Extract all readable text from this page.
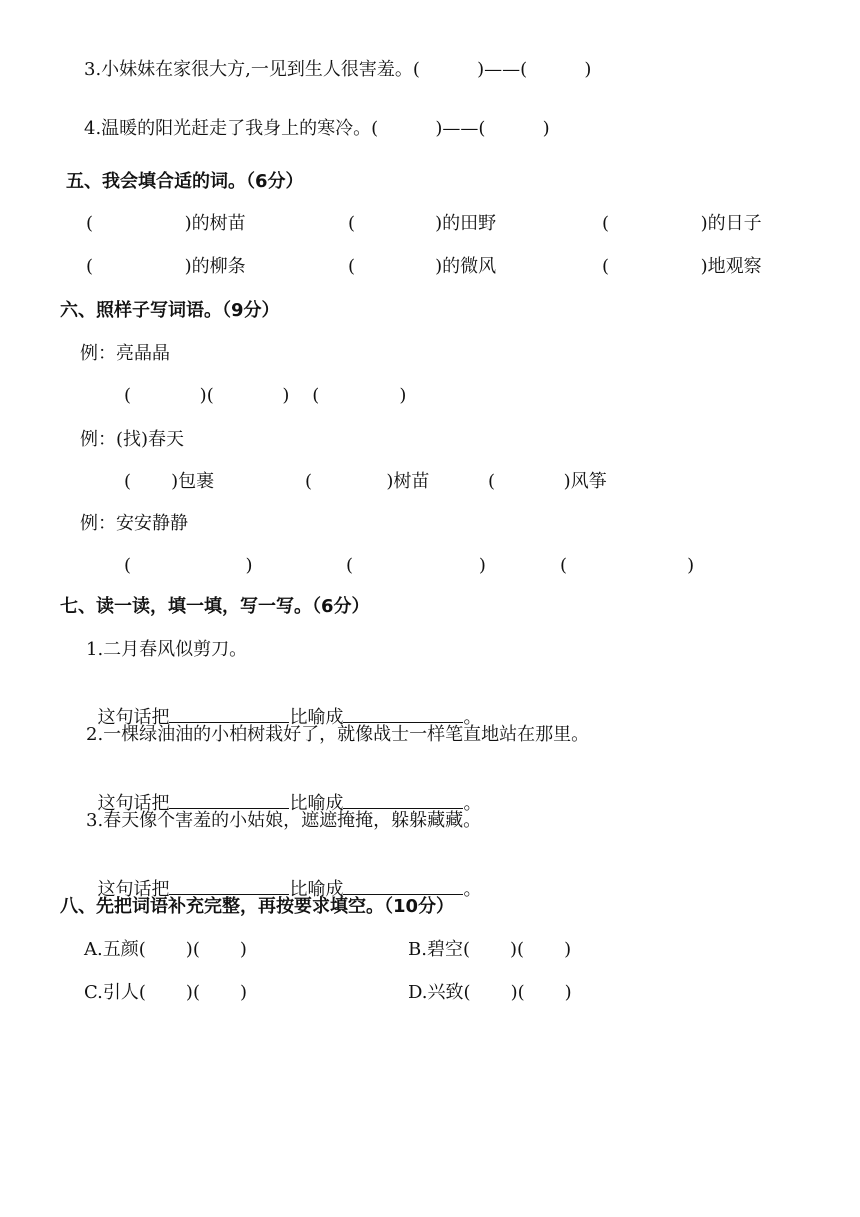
3.小妹妹在家很大方,一见到生人很害羞。(          )——(          )
4.温暖的阳光赶走了我身上的寒冷。(          )——(          )
五、我会填合适的词。（6分）
(                )的树苗	(              )的田野	(                )的日子
(                )的柳条	(              )的微风	(                )地观察
六、照样子写词语。（9分）
例：亮晶晶
(            )(            )    (              )
例：(找)春天
(       )包裹	(             )树苗	(            )风筝
例：安安静静
(                    )	(                      )	(                     )
七、读一读，填一填，写一写。（6分）
1.二月春风似剪刀。

这句话把	比喻成	。

2.一棵绿油油的小柏树栽好了，就像战士一样笔直地站在那里。

这句话把	比喻成	。

3.春天像个害羞的小姑娘，遮遮掩掩，躲躲藏藏。

这句话把	比喻成	。

八、先把词语补充完整，再按要求填空。（10分）
A.五颜(       )(       )	B.碧空(       )(       )
C.引人(       )(       )	D.兴致(       )(       )
